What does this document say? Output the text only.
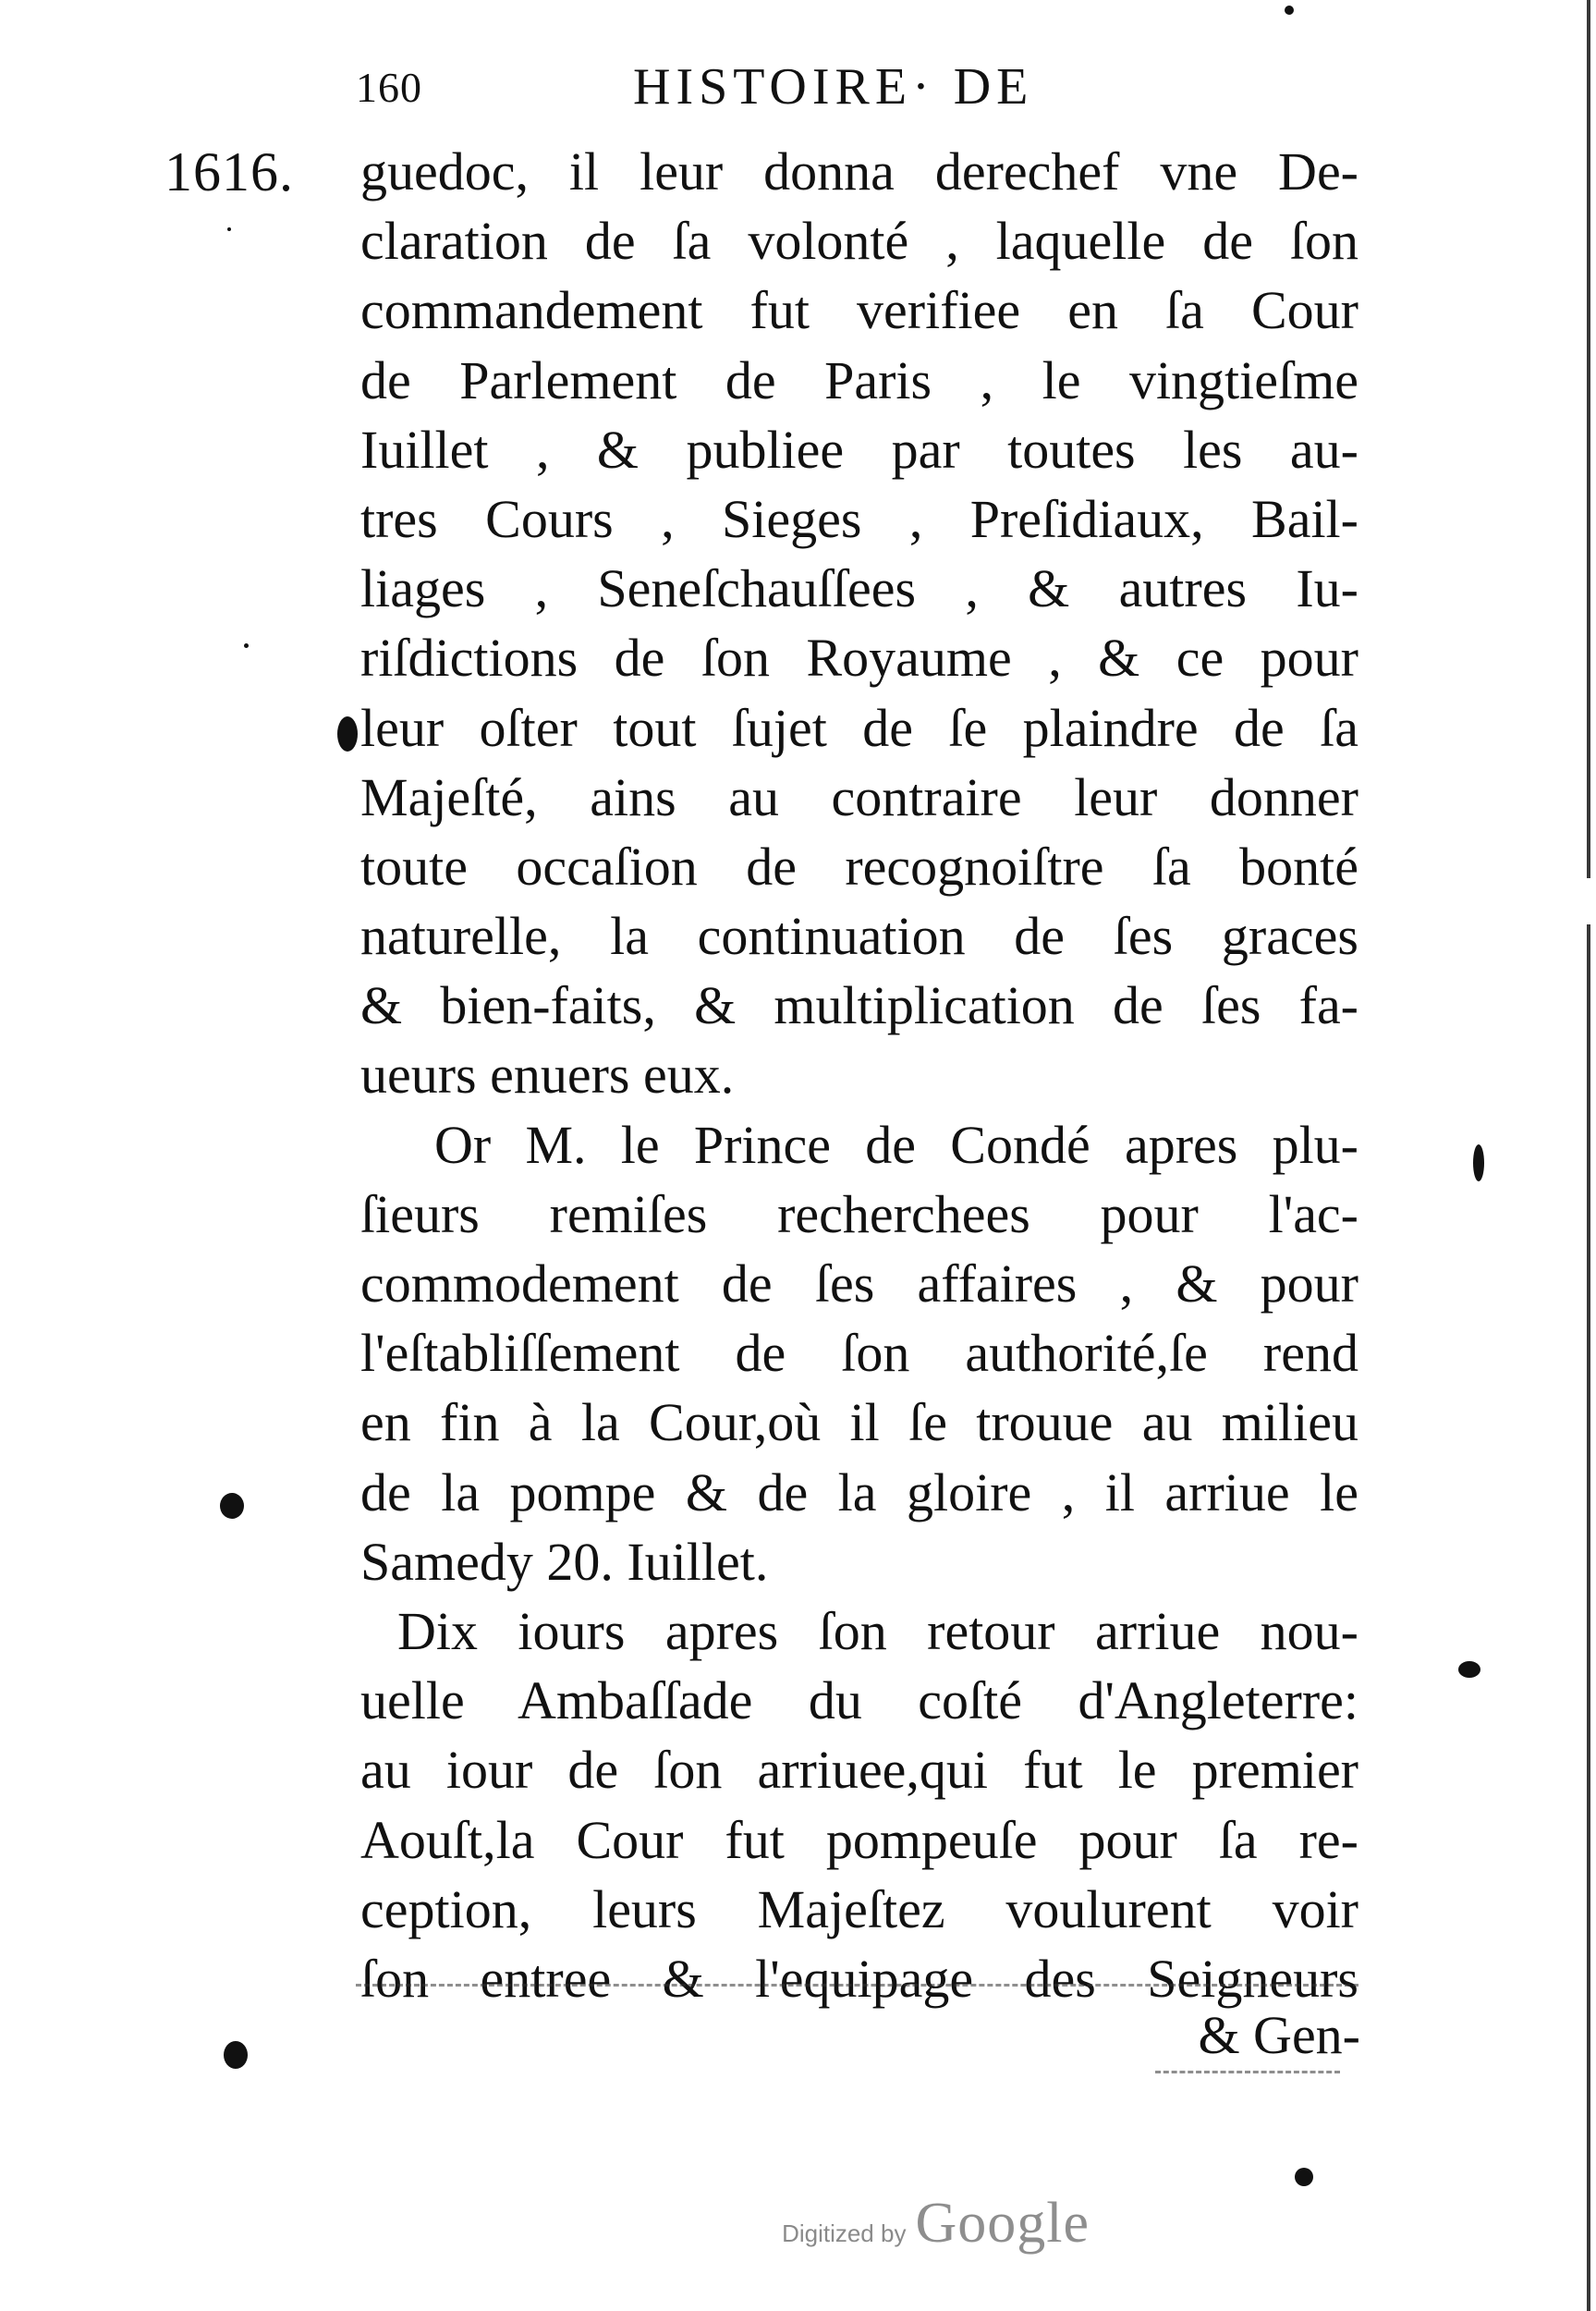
160	HISTOIRE· DE
1616. guedoc, il leur donna derechef vne De-
claration de ſa volonté , laquelle de ſon
commandement fut verifiee en ſa Cour
de Parlement de Paris , le vingtieſme
Iuillet , & publiee par toutes les au-
tres Cours , Sieges , Preſidiaux, Bail-
liages , Seneſchauſſees , & autres Iu-
riſdictions de ſon Royaume , & ce pour
leur oſter tout ſujet de ſe plaindre de ſa
Majeſté, ains au contraire leur donner
toute occaſion de recognoiſtre ſa bonté
naturelle, la continuation de ſes graces
& bien-faits, & multiplication de ſes fa-
ueurs enuers eux.
Or M. le Prince de Condé apres plu-
ſieurs remiſes recherchees pour l'ac-
commodement de ſes affaires , & pour
l'eſtabliſſement de ſon authorité,ſe rend
en fin à la Cour,où il ſe trouue au milieu
de la pompe & de la gloire , il arriue le
Samedy 20. Iuillet.
Dix iours apres ſon retour arriue nou-
uelle Ambaſſade du coſté d'Angleterre:
au iour de ſon arriuee,qui fut le premier
Aouſt,la Cour fut pompeuſe pour ſa re-
ception, leurs Majeſtez voulurent voir
ſon entree & l'equipage des Seigneurs
& Gen-
Digitized by Google
